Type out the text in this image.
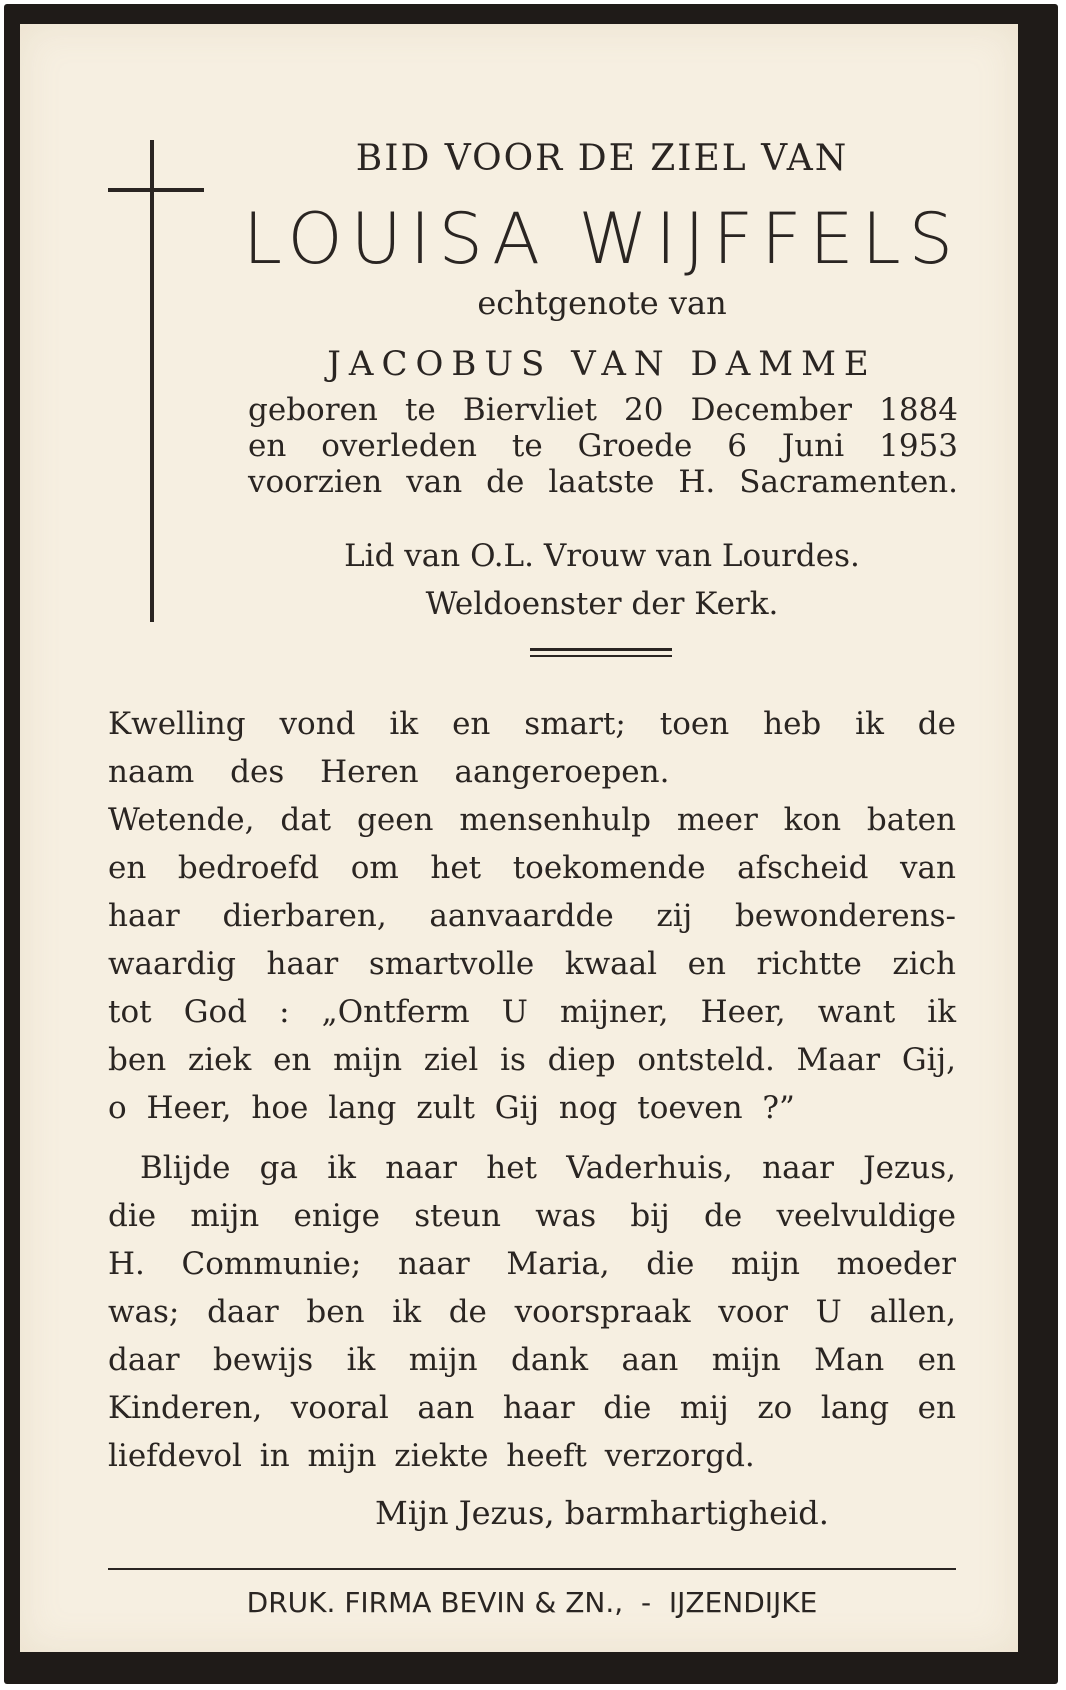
BID VOOR DE ZIEL VAN

LOUISA WIJFFELS

echtgenote van

JACOBUS VAN DAMME

geboren te Biervliet 20 December 1884

en overleden te Groede 6 Juni 1953

voorzien van de laatste H. Sacramenten.

Lid van O.L. Vrouw van Lourdes.

Weldoenster der Kerk.

Kwelling vond ik en smart; toen heb ik de

naam des Heren aangeroepen.

Wetende, dat geen mensenhulp meer kon baten

en bedroefd om het toekomende afscheid van

haar dierbaren, aanvaardde zij bewonderens-

waardig haar smartvolle kwaal en richtte zich

tot God : „Ontferm U mijner, Heer, want ik

ben ziek en mijn ziel is diep ontsteld. Maar Gij,

o Heer, hoe lang zult Gij nog toeven ?”

Blijde ga ik naar het Vaderhuis, naar Jezus,

die mijn enige steun was bij de veelvuldige

H. Communie; naar Maria, die mijn moeder

was; daar ben ik de voorspraak voor U allen,

daar bewijs ik mijn dank aan mijn Man en

Kinderen, vooral aan haar die mij zo lang en

liefdevol in mijn ziekte heeft verzorgd.

Mijn Jezus, barmhartigheid.

DRUK. FIRMA BEVIN & ZN.,  -  IJZENDIJKE
